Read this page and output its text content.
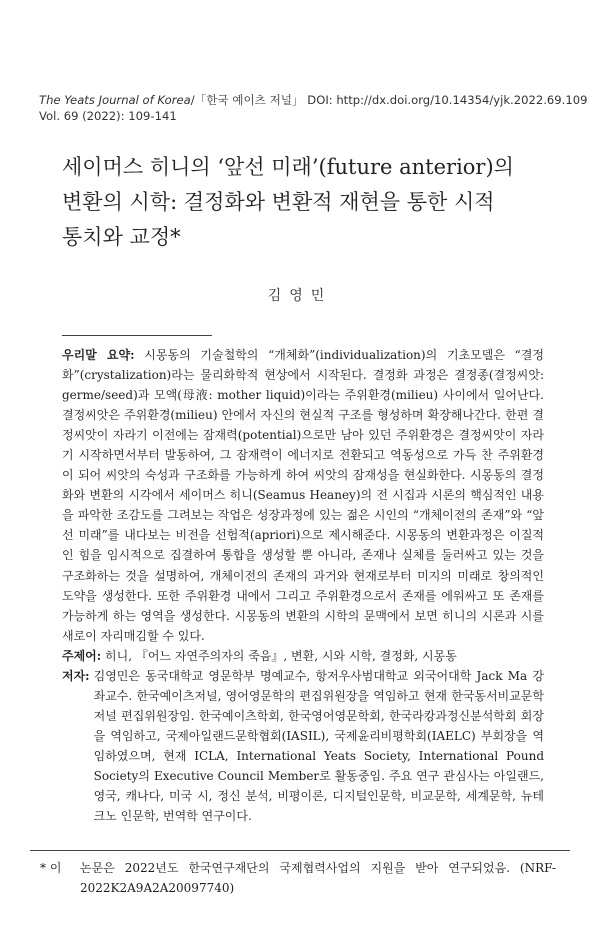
The Yeats Journal of Korea/「한국 예이츠 저널」 DOI: http://dx.doi.org/10.14354/yjk.2022.69.109
Vol. 69 (2022): 109-141
세이머스 히니의 ‘앞선 미래’(future anterior)의
변환의 시학: 결정화와 변환적 재현을 통한 시적
통치와 교정*
김영민
우리말 요약: 시몽동의 기술철학의 “개체화”(individualization)의 기초모델은 “결정화”(crystalization)라는 물리화학적 현상에서 시작된다. 결정화 과정은 결정종(결정씨앗: germe/seed)과 모액(母液: mother liquid)이라는 주위환경(milieu) 사이에서 일어난다. 결정씨앗은 주위환경(milieu) 안에서 자신의 현실적 구조를 형성하며 확장해나간다. 한편 결정씨앗이 자라기 이전에는 잠재력(potential)으로만 남아 있던 주위환경은 결정씨앗이 자라기 시작하면서부터 발동하여, 그 잠재력이 에너지로 전환되고 역동성으로 가득 찬 주위환경이 되어 씨앗의 숙성과 구조화를 가능하게 하여 씨앗의 잠재성을 현실화한다. 시몽동의 결정화와 변환의 시각에서 세이머스 히니(Seamus Heaney)의 전 시집과 시론의 핵심적인 내용을 파악한 조감도를 그려보는 작업은 성장과정에 있는 젊은 시인의 “개체이전의 존재”와 “앞선 미래”를 내다보는 비전을 선험적(apriori)으로 제시해준다. 시몽동의 변환과정은 이질적인 힘을 임시적으로 집결하여 통합을 생성할 뿐 아니라, 존재나 실체를 둘러싸고 있는 것을 구조화하는 것을 설명하여, 개체이전의 존재의 과거와 현재로부터 미지의 미래로 창의적인 도약을 생성한다. 또한 주위환경 내에서 그리고 주위환경으로서 존재를 에워싸고 또 존재를 가능하게 하는 영역을 생성한다. 시몽동의 변환의 시학의 문맥에서 보면 히니의 시론과 시를 새로이 자리매김할 수 있다.
주제어: 히니, 『어느 자연주의자의 죽음』, 변환, 시와 시학, 결정화, 시몽동
저자: 김영민은 동국대학교 영문학부 명예교수, 항저우사범대학교 외국어대학 Jack Ma 강좌교수. 한국예이츠저널, 영어영문학의 편집위원장을 역임하고 현재 한국동서비교문학저널 편집위원장임. 한국예이츠학회, 한국영어영문학회, 한국라캉과정신분석학회 회장을 역임하고, 국제아일랜드문학협회(IASIL), 국제윤리비평학회(IAELC) 부회장을 역임하였으며, 현재 ICLA, International Yeats Society, International Pound Society의 Executive Council Member로 활동중임. 주요 연구 관심사는 아일랜드, 영국, 캐나다, 미국 시, 정신 분석, 비평이론, 디지털인문학, 비교문학, 세계문학, 뉴테크노 인문학, 번역학 연구이다.
* 이	논문은 2022년도 한국연구재단의 국제협력사업의 지원을 받아 연구되었음. (NRF-2022K2A9A2A20097740)
